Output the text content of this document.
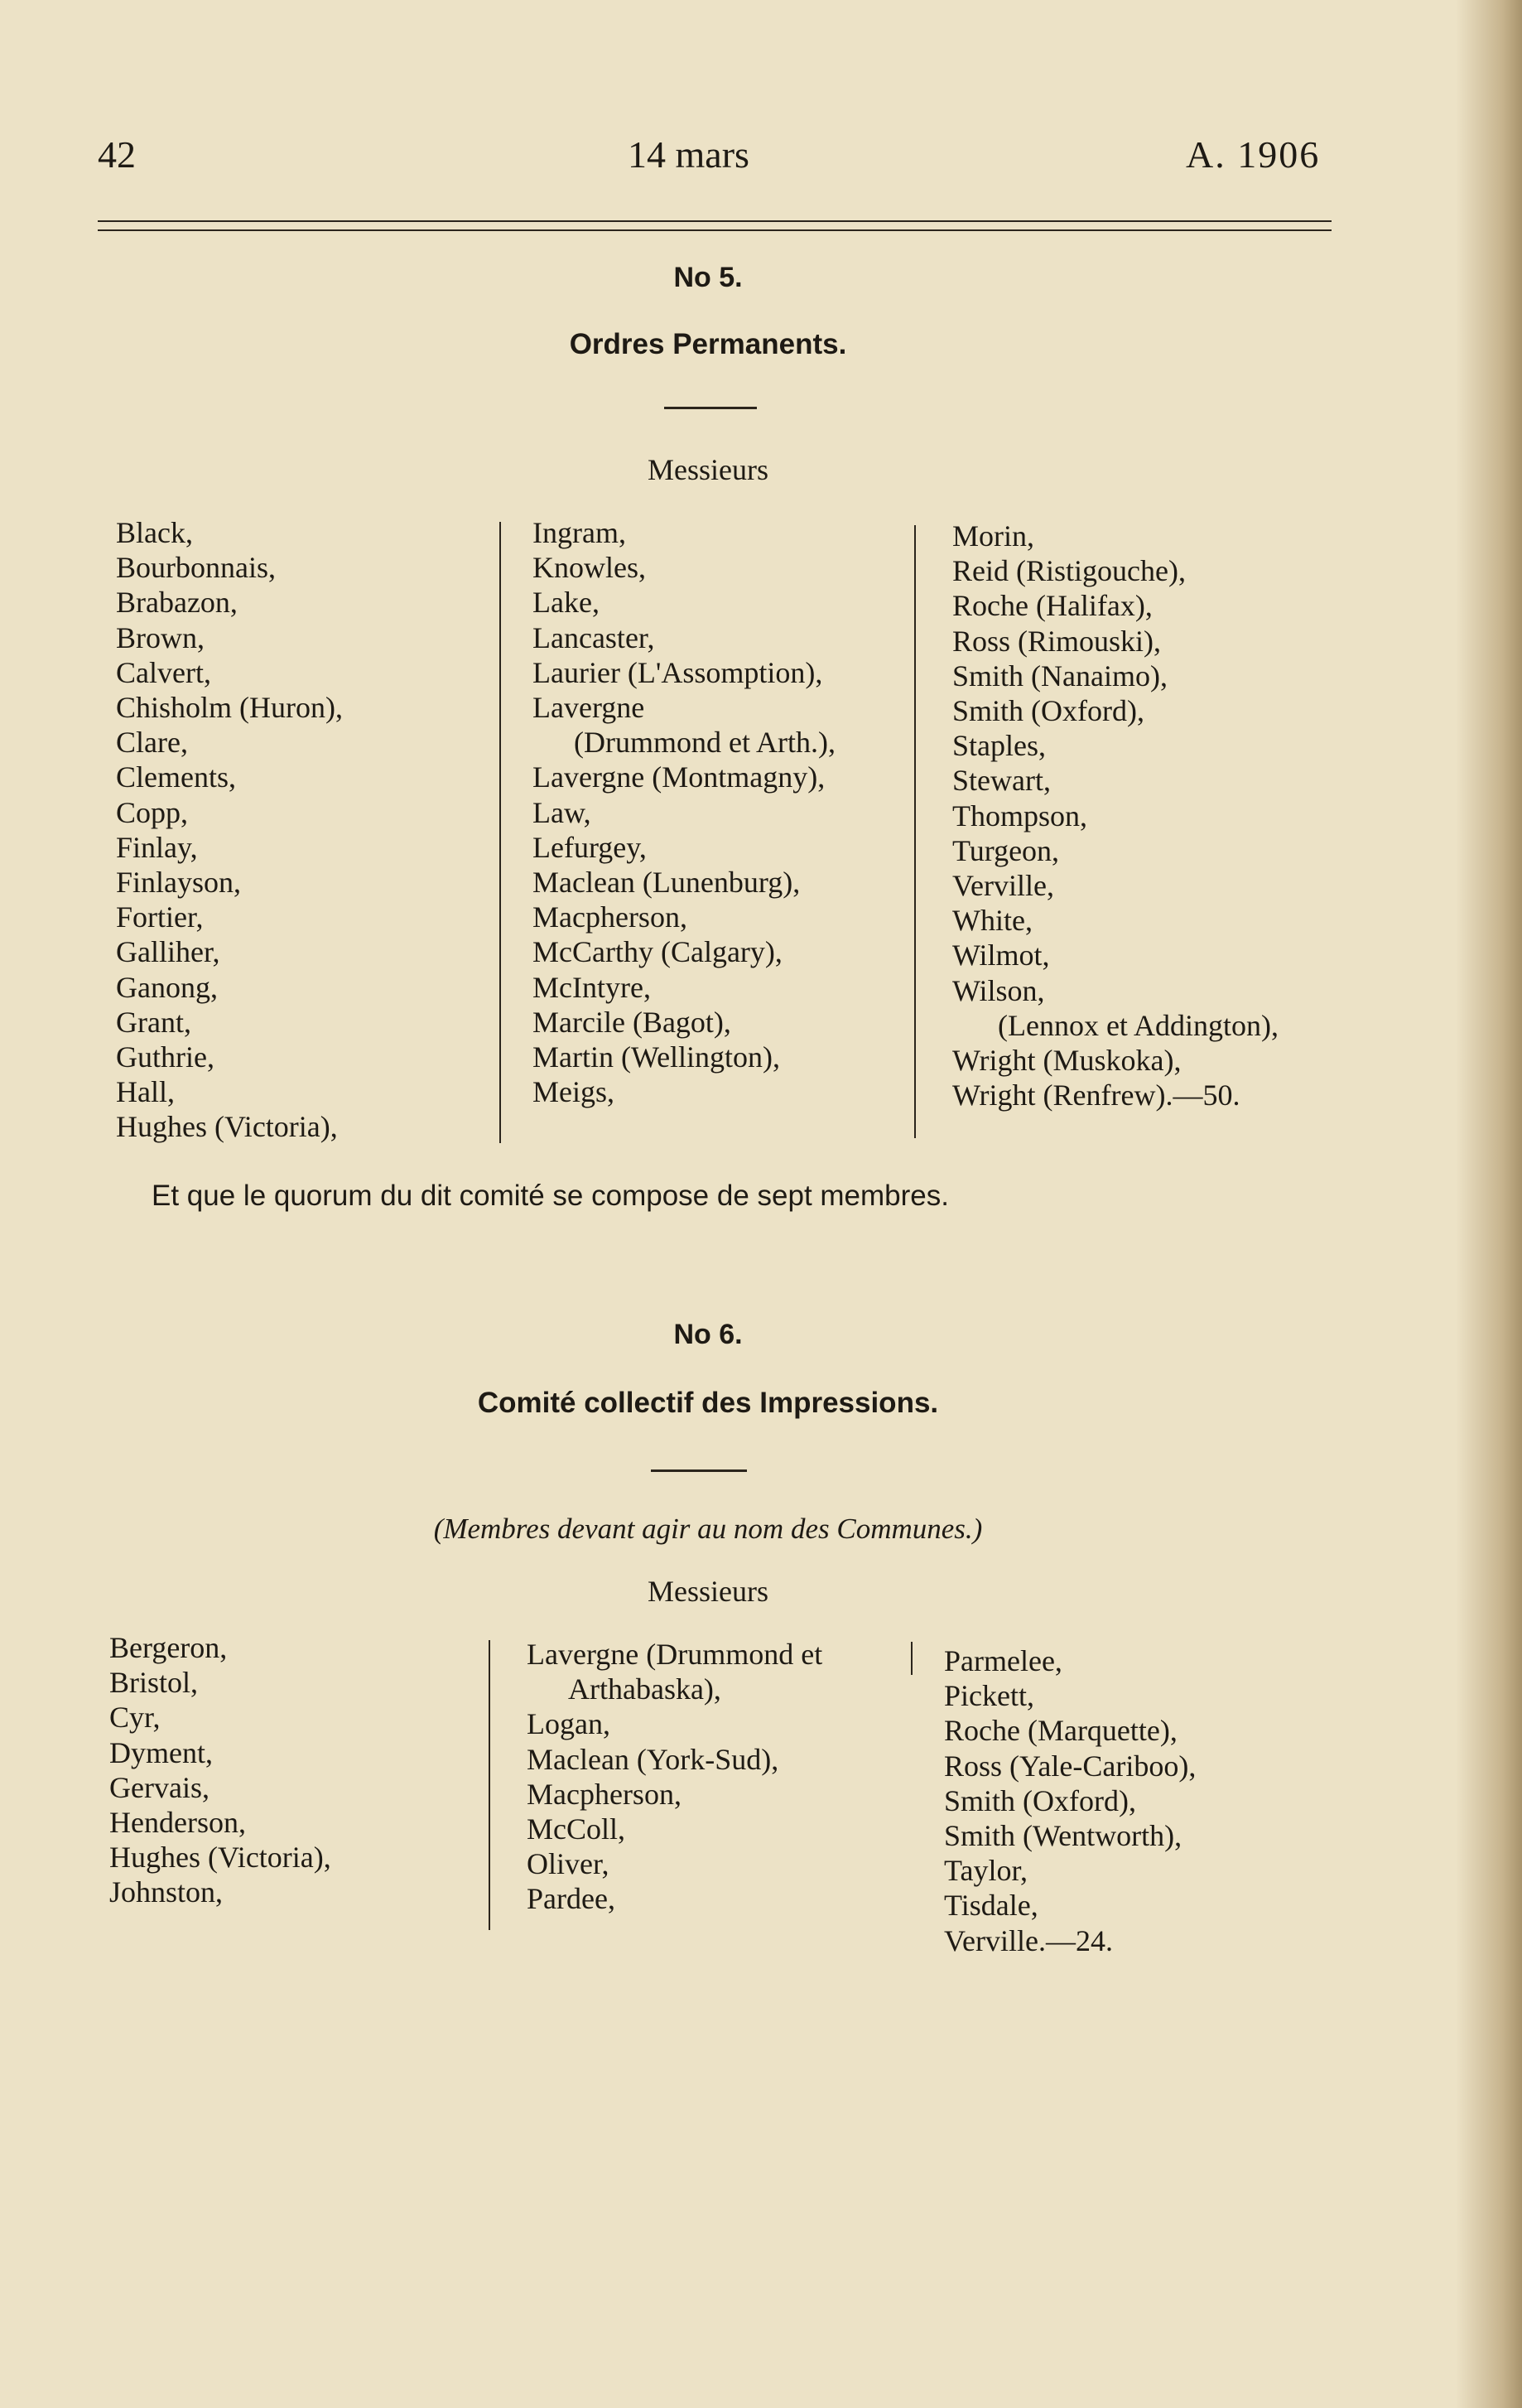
42	14 mars	A. 1906
No 5.
Ordres Permanents.
Messieurs
Black,
Bourbonnais,
Brabazon,
Brown,
Calvert,
Chisholm (Huron),
Clare,
Clements,
Copp,
Finlay,
Finlayson,
Fortier,
Galliher,
Ganong,
Grant,
Guthrie,
Hall,
Hughes (Victoria),
Ingram,
Knowles,
Lake,
Lancaster,
Laurier (L'Assomption),
Lavergne
(Drummond et Arth.),
Lavergne (Montmagny),
Law,
Lefurgey,
Maclean (Lunenburg),
Macpherson,
McCarthy (Calgary),
McIntyre,
Marcile (Bagot),
Martin (Wellington),
Meigs,
Morin,
Reid (Ristigouche),
Roche (Halifax),
Ross (Rimouski),
Smith (Nanaimo),
Smith (Oxford),
Staples,
Stewart,
Thompson,
Turgeon,
Verville,
White,
Wilmot,
Wilson,
(Lennox et Addington),
Wright (Muskoka),
Wright (Renfrew).—50.
Et que le quorum du dit comité se compose de sept membres.
No 6.
Comité collectif des Impressions.
(Membres devant agir au nom des Communes.)
Messieurs
Bergeron,
Bristol,
Cyr,
Dyment,
Gervais,
Henderson,
Hughes (Victoria),
Johnston,
Lavergne (Drummond et
Arthabaska),
Logan,
Maclean (York-Sud),
Macpherson,
McColl,
Oliver,
Pardee,
Parmelee,
Pickett,
Roche (Marquette),
Ross (Yale-Cariboo),
Smith (Oxford),
Smith (Wentworth),
Taylor,
Tisdale,
Verville.—24.
